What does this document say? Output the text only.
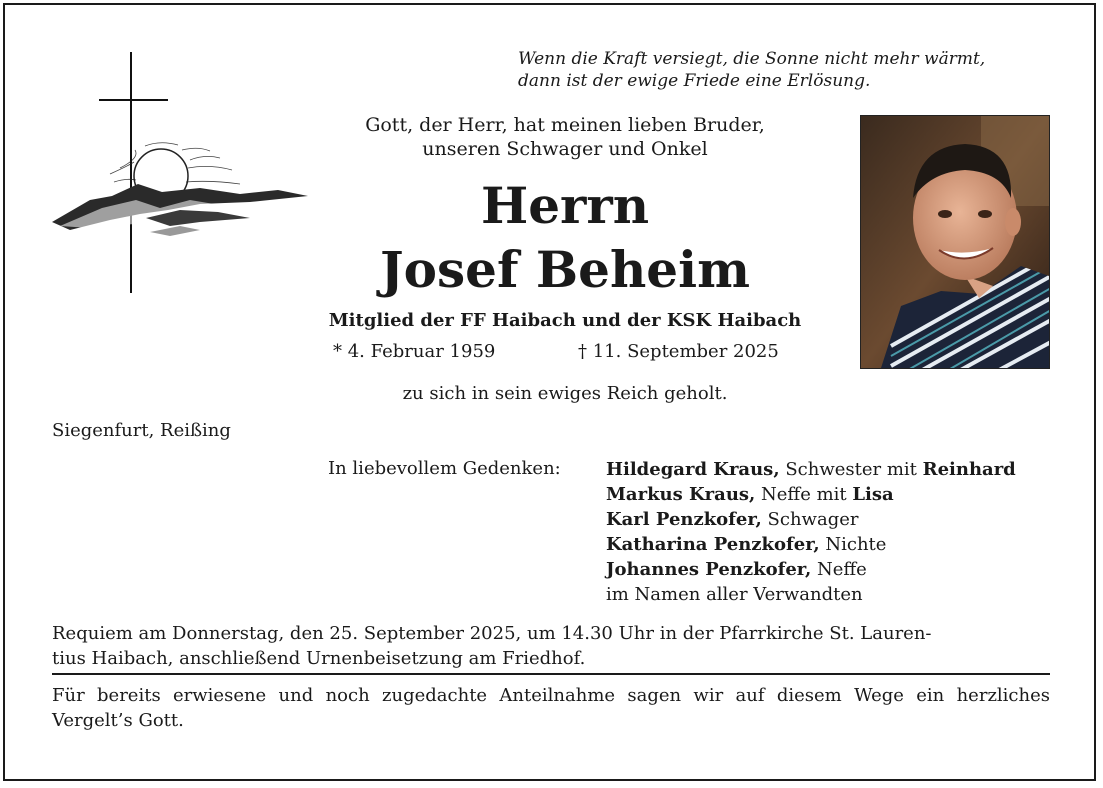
Wenn die Kraft versiegt, die Sonne nicht mehr wärmt,
dann ist der ewige Friede eine Erlösung.
Gott, der Herr, hat meinen lieben Bruder,
unseren Schwager und Onkel
Herrn
Josef Beheim
Mitglied der FF Haibach und der KSK Haibach
* 4. Februar 1959	† 11. September 2025
zu sich in sein ewiges Reich geholt.
Siegenfurt, Reißing
In liebevollem Gedenken:	Hildegard Kraus, Schwester mit Reinhard
Markus Kraus, Neffe mit Lisa
Karl Penzkofer, Schwager
Katharina Penzkofer, Nichte
Johannes Penzkofer, Neffe
im Namen aller Verwandten
Requiem am Donnerstag, den 25. September 2025, um 14.30 Uhr in der Pfarrkirche St. Lauren-
tius Haibach, anschließend Urnenbeisetzung am Friedhof.
Für bereits erwiesene und noch zugedachte Anteilnahme sagen wir auf diesem Wege ein herzliches Vergelt’s Gott.
